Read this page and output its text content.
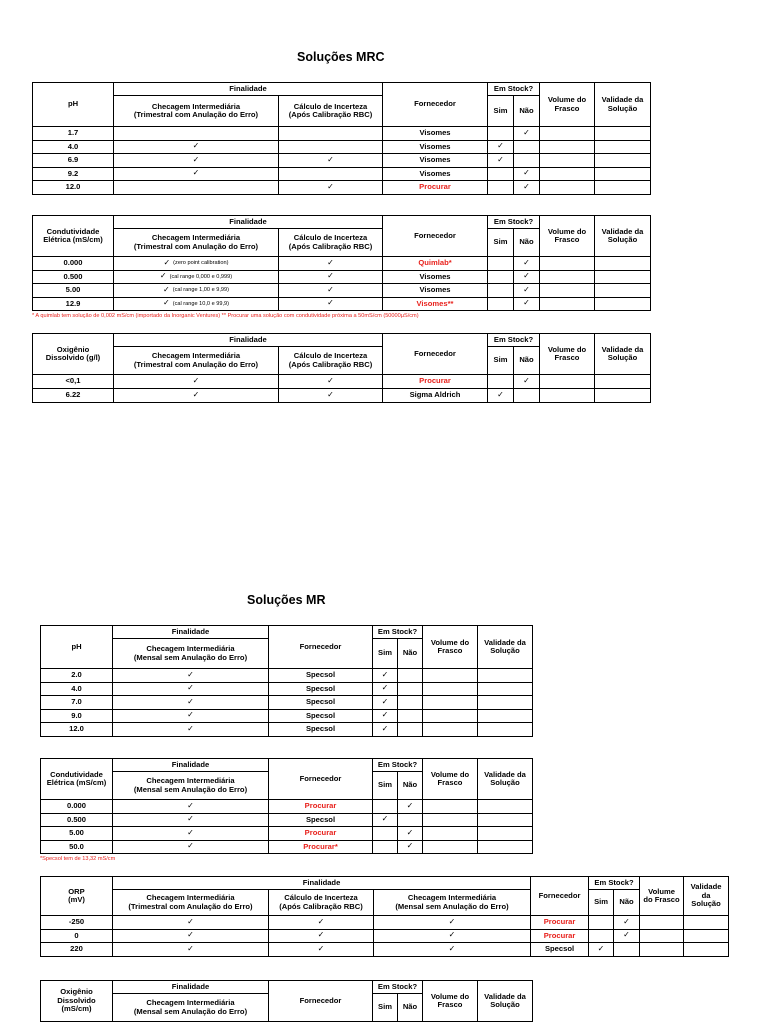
Soluções MRC
pH	Finalidade		Fornecedor	Em Stock?		Volume do
Frasco	Validade da
Solução
	Checagem Intermediária
(Trimestral com Anulação do Erro)	Cálculo de Incerteza
(Após Calibração RBC)		Sim	Não		
1.7			Visomes		✓		
4.0	✓		Visomes	✓			
6.9	✓	✓	Visomes	✓			
9.2	✓		Visomes		✓		
12.0		✓	Procurar		✓		
Condutividade
Elétrica (mS/cm)	Finalidade		Fornecedor	Em Stock?		Volume do
Frasco	Validade da
Solução
	Checagem Intermediária
(Trimestral com Anulação do Erro)	Cálculo de Incerteza
(Após Calibração RBC)		Sim	Não		
0.000	✓ (zero point calibration)	✓	Quimlab*		✓		
0.500	✓ (cal range 0,000 e 0,999)	✓	Visomes		✓		
5.00	✓ (cal range 1,00 e 9,99)	✓	Visomes		✓		
12.9	✓ (cal range 10,0 e 99,9)	✓	Visomes**		✓		
* A quimlab tem solução de 0,002 mS/cm (importado da Inorganic Ventures) ** Procurar uma solução com condutividade próxima a 50mS/cm (50000µS/cm)
Oxigênio
Dissolvido (g/l)	Finalidade		Fornecedor	Em Stock?		Volume do
Frasco	Validade da
Solução
	Checagem Intermediária
(Trimestral com Anulação do Erro)	Cálculo de Incerteza
(Após Calibração RBC)		Sim	Não		
<0,1	✓	✓	Procurar		✓		
6.22	✓	✓	Sigma Aldrich	✓			
Soluções MR
pH	Finalidade	Fornecedor	Em Stock?		Volume do
Frasco	Validade da
Solução
	Checagem Intermediária
(Mensal sem Anulação do Erro)		Sim	Não		
2.0	✓	Specsol	✓			
4.0	✓	Specsol	✓			
7.0	✓	Specsol	✓			
9.0	✓	Specsol	✓			
12.0	✓	Specsol	✓			
Condutividade
Elétrica (mS/cm)	Finalidade	Fornecedor	Em Stock?		Volume do
Frasco	Validade da
Solução
	Checagem Intermediária
(Mensal sem Anulação do Erro)		Sim	Não		
0.000	✓	Procurar		✓		
0.500	✓	Specsol	✓			
5.00	✓	Procurar		✓		
50.0	✓	Procurar*		✓		
*Specsol tem de 13,32 mS/cm
ORP
(mV)	Finalidade			Fornecedor	Em Stock?		Volume
do Frasco	Validade
da
Solução
	Checagem Intermediária
(Trimestral com Anulação do Erro)	Cálculo de Incerteza
(Após Calibração RBC)	Checagem Intermediária
(Mensal sem Anulação do Erro)		Sim	Não		
-250	✓	✓	✓	Procurar		✓		
0	✓	✓	✓	Procurar		✓		
220	✓	✓	✓	Specsol	✓			
Oxigênio
Dissolvido
(mS/cm)	Finalidade	Fornecedor	Em Stock?		Volume do
Frasco	Validade da
Solução
	Checagem Intermediária
(Mensal sem Anulação do Erro)		Sim	Não		
